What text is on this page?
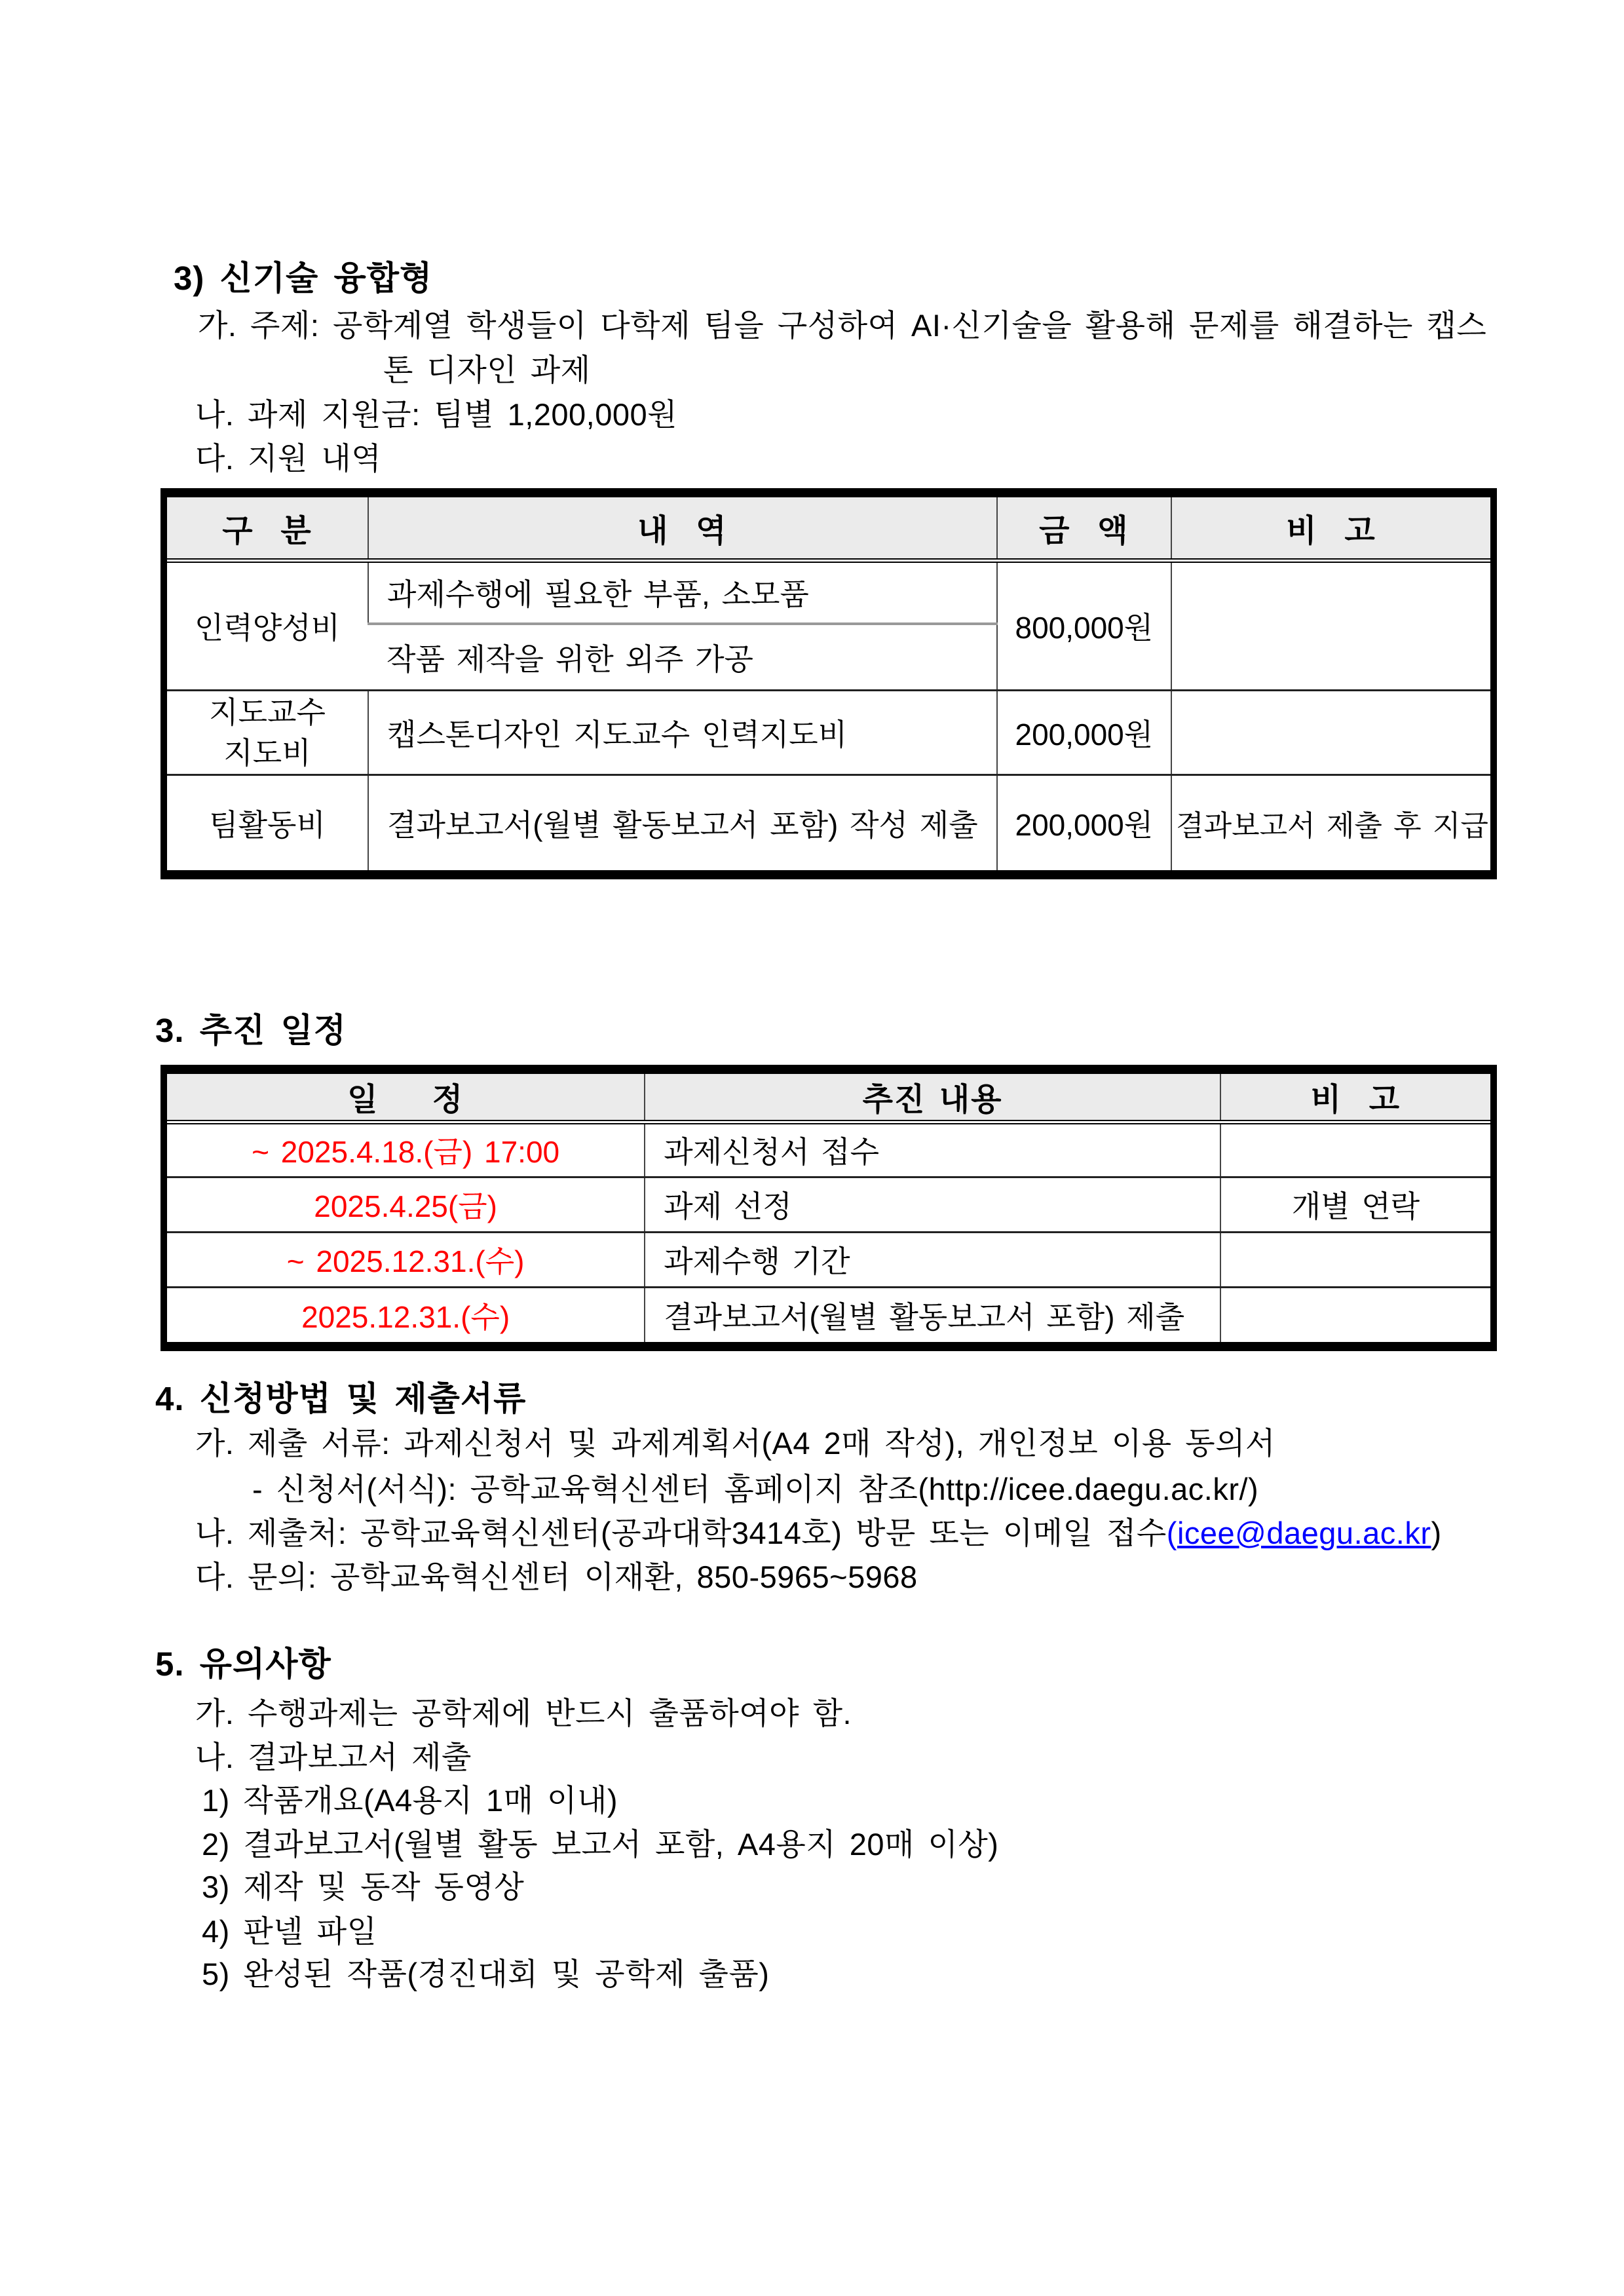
3) 신기술 융합형
가. 주제: 공학계열 학생들이 다학제 팀을 구성하여 AI·신기술을 활용해 문제를 해결하는 캡스
톤 디자인 과제
나. 과제 지원금: 팀별 1,200,000원
다. 지원 내역
구  분	내  역	금  액	비  고
인력양성비	과제수행에 필요한 부품, 소모품	800,000원	
	작품 제작을 위한 외주 가공		
지도교수
지도비	캡스톤디자인 지도교수 인력지도비	200,000원	
팀활동비	결과보고서(월별 활동보고서 포함) 작성 제출	200,000원	결과보고서 제출 후 지급
3. 추진 일정
일    정	추진 내용	비  고
~ 2025.4.18.(금) 17:00	과제신청서 접수	
2025.4.25(금)	과제 선정	개별 연락
~ 2025.12.31.(수)	과제수행 기간	
2025.12.31.(수)	결과보고서(월별 활동보고서 포함) 제출	
4. 신청방법 및 제출서류
가. 제출 서류: 과제신청서 및 과제계획서(A4 2매 작성), 개인정보 이용 동의서
- 신청서(서식): 공학교육혁신센터 홈페이지 참조(http://icee.daegu.ac.kr/)
나. 제출처: 공학교육혁신센터(공과대학3414호) 방문 또는 이메일 접수(icee@daegu.ac.kr)
다. 문의: 공학교육혁신센터 이재환, 850-5965~5968
5. 유의사항
가. 수행과제는 공학제에 반드시 출품하여야 함.
나. 결과보고서 제출
1) 작품개요(A4용지 1매 이내)
2) 결과보고서(월별 활동 보고서 포함, A4용지 20매 이상)
3) 제작 및 동작 동영상
4) 판넬 파일
5) 완성된 작품(경진대회 및 공학제 출품)
